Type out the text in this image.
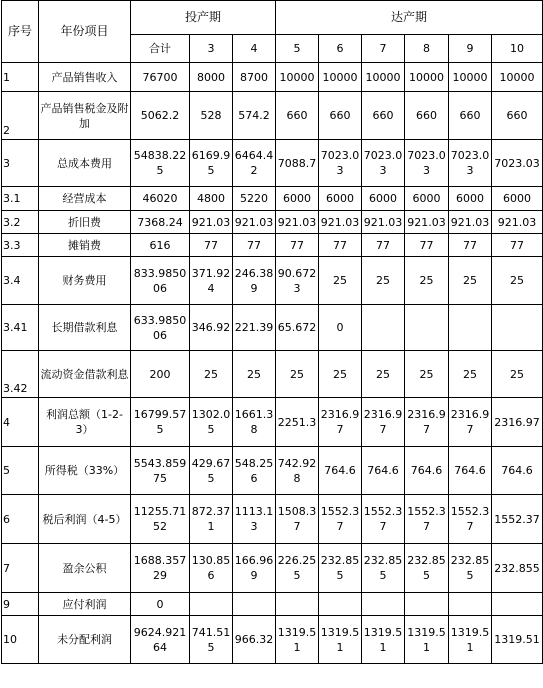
序号	年份项目	投产期			达产期					
		合计	3	4	5	6	7	8	9	10
1	产品销售收入	76700	8000	8700	10000	10000	10000	10000	10000	10000
2	产品销售税金及附加	5062.2	528	574.2	660	660	660	660	660	660
3	总成本费用	54838.225	6169.95	6464.42	7088.7	7023.03	7023.03	7023.03	7023.03	7023.03
3.1	经营成本	46020	4800	5220	6000	6000	6000	6000	6000	6000
3.2	折旧费	7368.24	921.03	921.03	921.03	921.03	921.03	921.03	921.03	921.03
3.3	摊销费	616	77	77	77	77	77	77	77	77
3.4	财务费用	833.985006	371.924	246.389	90.6723	25	25	25	25	25
3.41	长期借款利息	633.985006	346.92	221.39	65.672	0				
3.42	流动资金借款利息	200	25	25	25	25	25	25	25	25
4	利润总额（1-2-3）	16799.575	1302.05	1661.38	2251.3	2316.97	2316.97	2316.97	2316.97	2316.97
5	所得税（33%）	5543.85975	429.675	548.256	742.928	764.6	764.6	764.6	764.6	764.6
6	税后利润（4-5）	11255.7152	872.371	1113.13	1508.37	1552.37	1552.37	1552.37	1552.37	1552.37
7	盈余公积	1688.35729	130.856	166.969	226.255	232.855	232.855	232.855	232.855	232.855
9	应付利润	0								
10	未分配利润	9624.92164	741.515	966.32	1319.51	1319.51	1319.51	1319.51	1319.51	1319.51
